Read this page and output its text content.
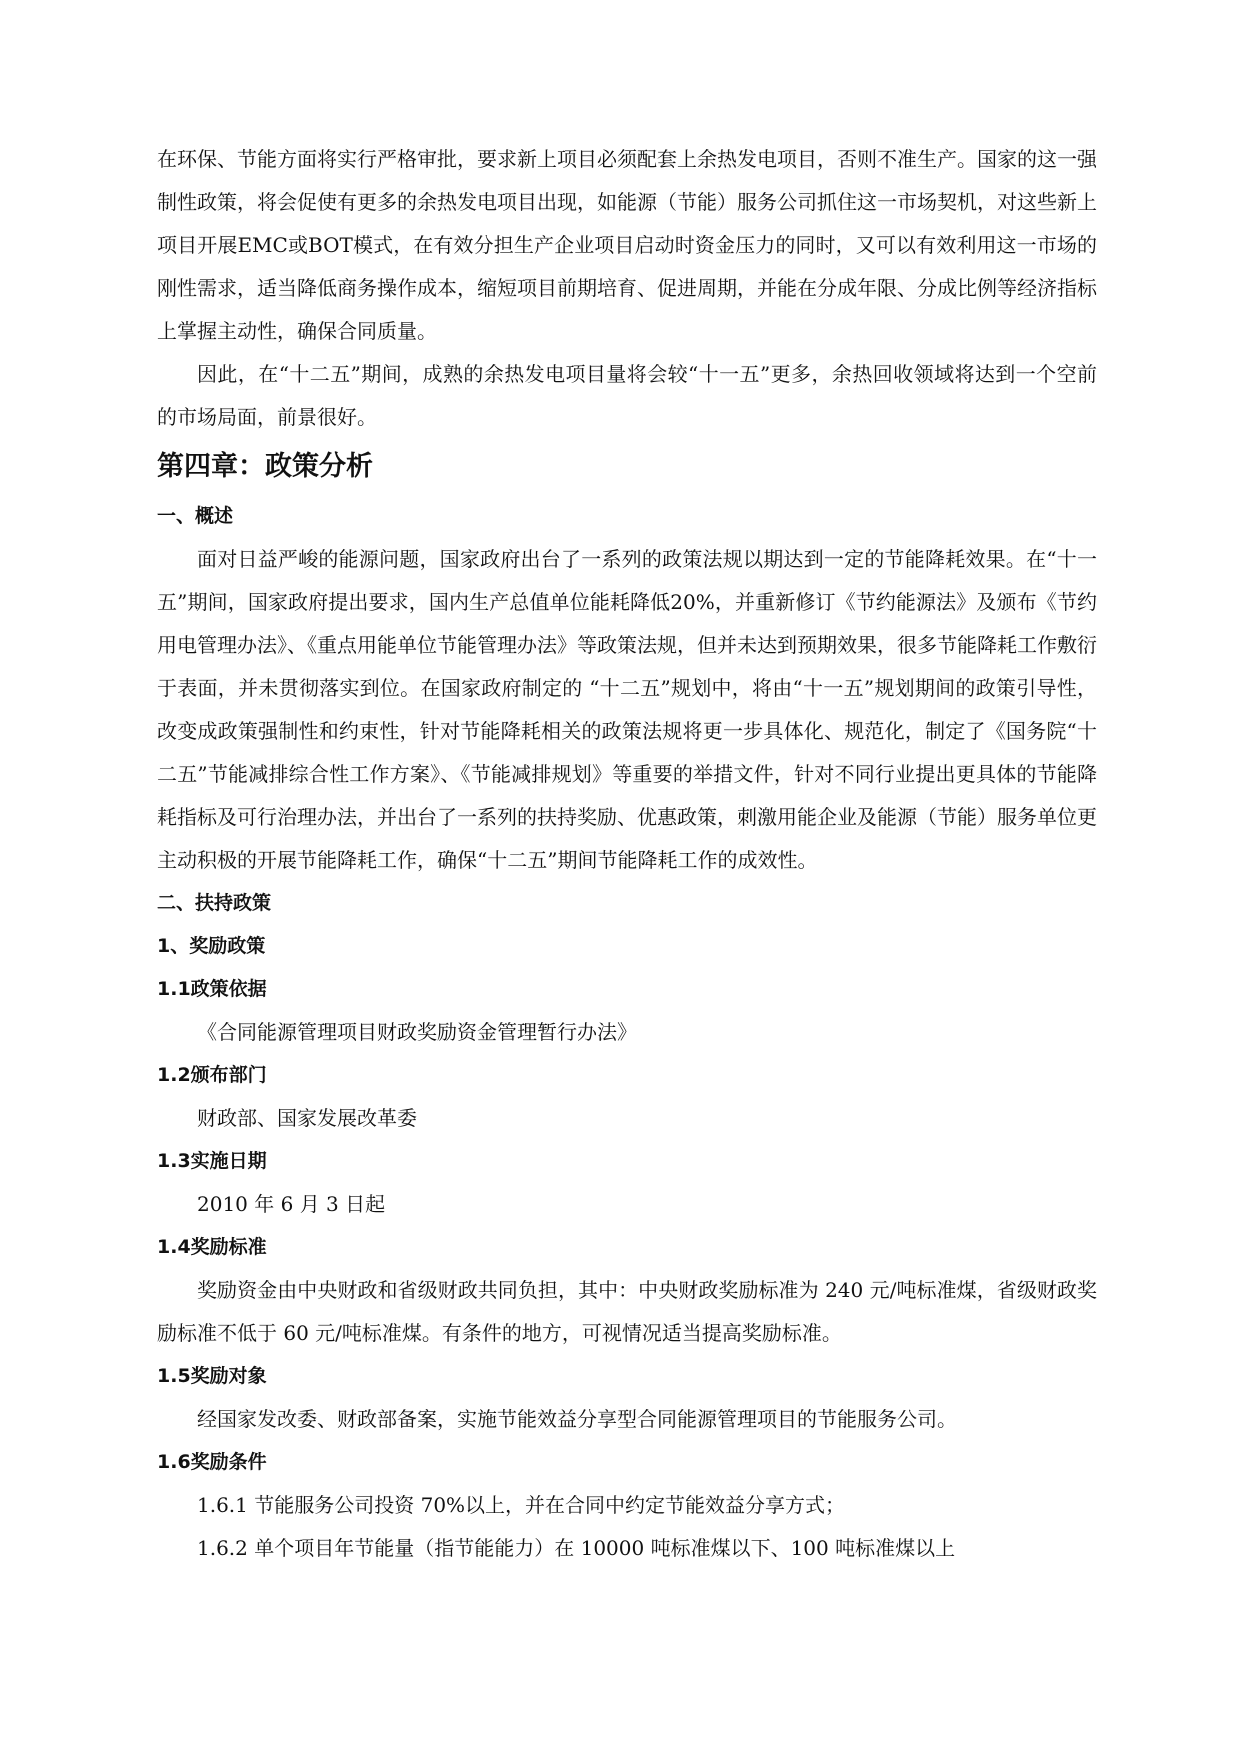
在环保、节能方面将实行严格审批，要求新上项目必须配套上余热发电项目，否则不准生产。国家的这一强制性政策，将会促使有更多的余热发电项目出现，如能源（节能）服务公司抓住这一市场契机，对这些新上项目开展EMC或BOT模式，在有效分担生产企业项目启动时资金压力的同时，又可以有效利用这一市场的刚性需求，适当降低商务操作成本，缩短项目前期培育、促进周期，并能在分成年限、分成比例等经济指标上掌握主动性，确保合同质量。

因此，在“十二五”期间，成熟的余热发电项目量将会较“十一五”更多，余热回收领域将达到一个空前的市场局面，前景很好。

第四章：政策分析
一、概述

面对日益严峻的能源问题，国家政府出台了一系列的政策法规以期达到一定的节能降耗效果。在“十一五”期间，国家政府提出要求，国内生产总值单位能耗降低20%，并重新修订《节约能源法》及颁布《节约用电管理办法》、《重点用能单位节能管理办法》等政策法规，但并未达到预期效果，很多节能降耗工作敷衍于表面，并未贯彻落实到位。在国家政府制定的 “十二五”规划中，将由“十一五”规划期间的政策引导性，改变成政策强制性和约束性，针对节能降耗相关的政策法规将更一步具体化、规范化，制定了《国务院“十二五”节能减排综合性工作方案》、《节能减排规划》等重要的举措文件，针对不同行业提出更具体的节能降耗指标及可行治理办法，并出台了一系列的扶持奖励、优惠政策，刺激用能企业及能源（节能）服务单位更主动积极的开展节能降耗工作，确保“十二五”期间节能降耗工作的成效性。

二、扶持政策
1、奖励政策
1.1政策依据

《合同能源管理项目财政奖励资金管理暂行办法》

1.2颁布部门

财政部、国家发展改革委

1.3实施日期

2010 年 6 月 3 日起

1.4奖励标准

奖励资金由中央财政和省级财政共同负担，其中：中央财政奖励标准为 240 元/吨标准煤，省级财政奖励标准不低于 60 元/吨标准煤。有条件的地方，可视情况适当提高奖励标准。

1.5奖励对象

经国家发改委、财政部备案，实施节能效益分享型合同能源管理项目的节能服务公司。

1.6奖励条件

1.6.1 节能服务公司投资 70%以上，并在合同中约定节能效益分享方式；

1.6.2 单个项目年节能量（指节能能力）在 10000 吨标准煤以下、100 吨标准煤以上
